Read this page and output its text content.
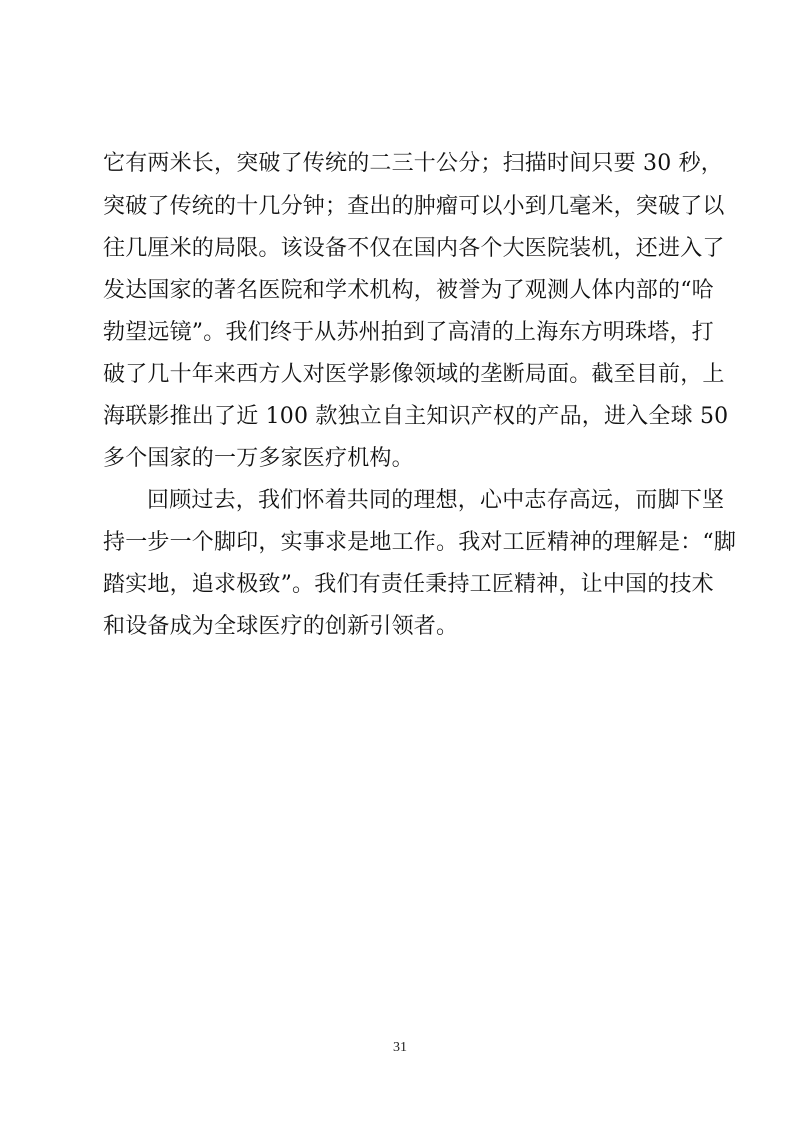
它有两米长，突破了传统的二三十公分；扫描时间只要 30 秒，
突破了传统的十几分钟；查出的肿瘤可以小到几毫米，突破了以
往几厘米的局限。该设备不仅在国内各个大医院装机，还进入了
发达国家的著名医院和学术机构，被誉为了观测人体内部的“哈
勃望远镜”。我们终于从苏州拍到了高清的上海东方明珠塔，打
破了几十年来西方人对医学影像领域的垄断局面。截至目前，上
海联影推出了近 100 款独立自主知识产权的产品，进入全球 50
多个国家的一万多家医疗机构。
回顾过去，我们怀着共同的理想，心中志存高远，而脚下坚
持一步一个脚印，实事求是地工作。我对工匠精神的理解是：“脚
踏实地，追求极致”。我们有责任秉持工匠精神，让中国的技术
和设备成为全球医疗的创新引领者。
31
